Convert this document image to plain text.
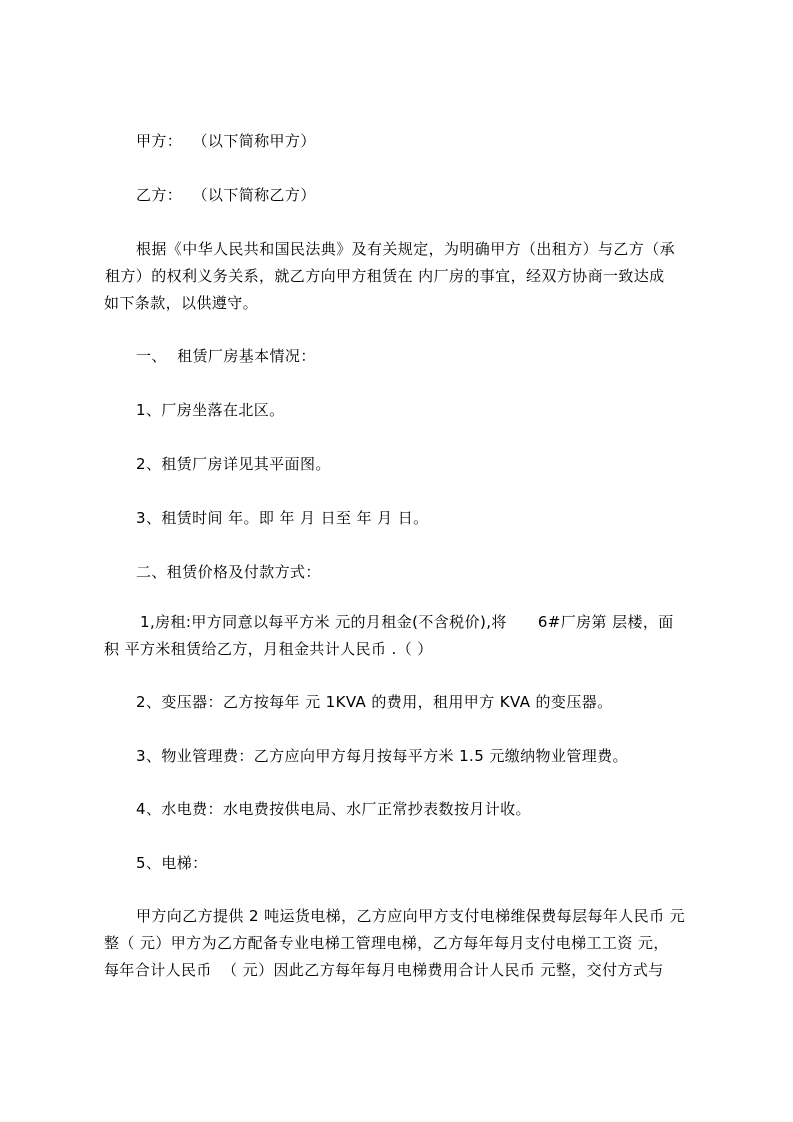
甲方：  （以下简称甲方）
乙方：  （以下简称乙方）
根据《中华人民共和国民法典》及有关规定，为明确甲方（出租方）与乙方（承
租方）的权利义务关系，就乙方向甲方租赁在 内厂房的事宜，经双方协商一致达成
如下条款，以供遵守。
一、  租赁厂房基本情况：
1、厂房坐落在北区。
2、租赁厂房详见其平面图。
3、租赁时间 年。即 年 月 日至 年 月 日。
二、租赁价格及付款方式：
1,房租:甲方同意以每平方米 元的月租金(不含税价),将      6#厂房第 层楼，面
积 平方米租赁给乙方，月租金共计人民币 .（ ）
2、变压器：乙方按每年 元 1KVA 的费用，租用甲方 KVA 的变压器。
3、物业管理费：乙方应向甲方每月按每平方米 1.5 元缴纳物业管理费。
4、水电费：水电费按供电局、水厂正常抄表数按月计收。
5、电梯：
甲方向乙方提供 2 吨运货电梯，乙方应向甲方支付电梯维保费每层每年人民币 元
整（ 元）甲方为乙方配备专业电梯工管理电梯，乙方每年每月支付电梯工工资 元，
每年合计人民币  （ 元）因此乙方每年每月电梯费用合计人民币 元整，交付方式与
